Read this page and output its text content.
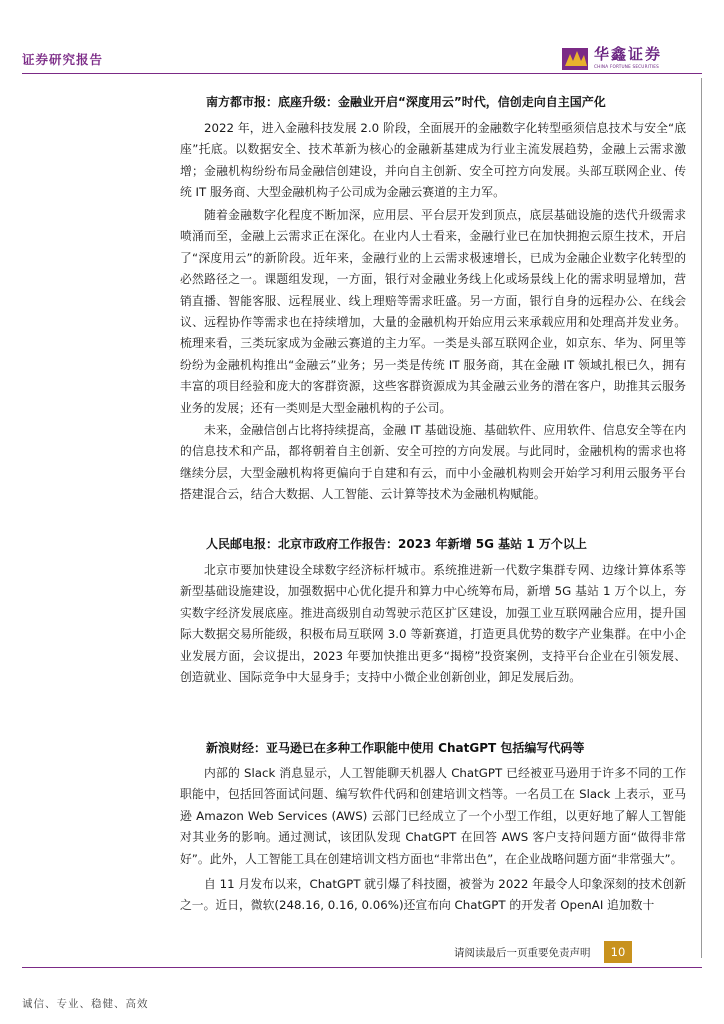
证券研究报告	华鑫证券
CHINA FORTUNE SECURITIES
南方都市报：底座升级：金融业开启“深度用云”时代，信创走向自主国产化

2022 年，进入金融科技发展 2.0 阶段，全面展开的金融数字化转型亟须信息技术与安全“底座”托底。以数据安全、技术革新为核心的金融新基建成为行业主流发展趋势，金融上云需求激增；金融机构纷纷布局金融信创建设，并向自主创新、安全可控方向发展。头部互联网企业、传统 IT 服务商、大型金融机构子公司成为金融云赛道的主力军。

随着金融数字化程度不断加深，应用层、平台层开发到顶点，底层基础设施的迭代升级需求喷涌而至，金融上云需求正在深化。在业内人士看来，金融行业已在加快拥抱云原生技术，开启了“深度用云”的新阶段。近年来，金融行业的上云需求极速增长，已成为金融企业数字化转型的必然路径之一。课题组发现，一方面，银行对金融业务线上化或场景线上化的需求明显增加，营销直播、智能客服、远程展业、线上理赔等需求旺盛。另一方面，银行自身的远程办公、在线会议、远程协作等需求也在持续增加，大量的金融机构开始应用云来承载应用和处理高并发业务。梳理来看，三类玩家成为金融云赛道的主力军。一类是头部互联网企业，如京东、华为、阿里等纷纷为金融机构推出“金融云”业务；另一类是传统 IT 服务商，其在金融 IT 领域扎根已久，拥有丰富的项目经验和庞大的客群资源，这些客群资源成为其金融云业务的潜在客户，助推其云服务业务的发展；还有一类则是大型金融机构的子公司。

未来，金融信创占比将持续提高，金融 IT 基础设施、基础软件、应用软件、信息安全等在内的信息技术和产品，都将朝着自主创新、安全可控的方向发展。与此同时，金融机构的需求也将继续分层，大型金融机构将更偏向于自建和有云，而中小金融机构则会开始学习利用云服务平台搭建混合云，结合大数据、人工智能、云计算等技术为金融机构赋能。

人民邮电报：北京市政府工作报告：2023 年新增 5G 基站 1 万个以上

北京市要加快建设全球数字经济标杆城市。系统推进新一代数字集群专网、边缘计算体系等新型基础设施建设，加强数据中心优化提升和算力中心统筹布局，新增 5G 基站 1 万个以上，夯实数字经济发展底座。推进高级别自动驾驶示范区扩区建设，加强工业互联网融合应用，提升国际大数据交易所能级，积极布局互联网 3.0 等新赛道，打造更具优势的数字产业集群。在中小企业发展方面，会议提出，2023 年要加快推出更多“揭榜”投资案例，支持平台企业在引领发展、创造就业、国际竞争中大显身手；支持中小微企业创新创业，卸足发展后劲。

新浪财经：亚马逊已在多种工作职能中使用 ChatGPT 包括编写代码等

内部的 Slack 消息显示，人工智能聊天机器人 ChatGPT 已经被亚马逊用于许多不同的工作职能中，包括回答面试问题、编写软件代码和创建培训文档等。一名员工在 Slack 上表示，亚马逊 Amazon Web Services (AWS) 云部门已经成立了一个小型工作组，以更好地了解人工智能对其业务的影响。通过测试，该团队发现 ChatGPT 在回答 AWS 客户支持问题方面“做得非常好”。此外，人工智能工具在创建培训文档方面也“非常出色”，在企业战略问题方面“非常强大”。

自 11 月发布以来，ChatGPT 就引爆了科技圈，被誉为 2022 年最令人印象深刻的技术创新之一。近日，微软(248.16, 0.16, 0.06%)还宣布向 ChatGPT 的开发者 OpenAI 追加数十

请阅读最后一页重要免责声明	10
诚信、专业、稳健、高效
